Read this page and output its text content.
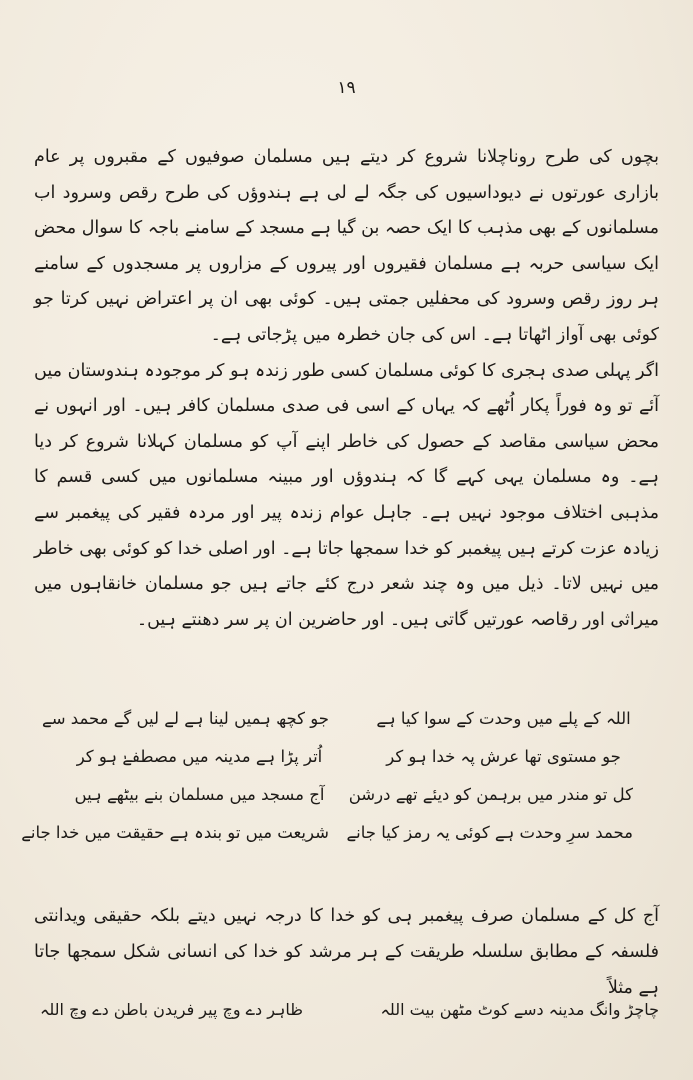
۱۹

بچوں کی طرح روناچلانا شروع کر دیتے ہیں مسلمان صوفیوں کے مقبروں پر عام بازاری عورتوں نے دیوداسیوں کی جگہ لے لی ہے ہندوؤں کی طرح رقص وسرود اب مسلمانوں کے بھی مذہب کا ایک حصہ بن گیا ہے مسجد کے سامنے باجہ کا سوال محض ایک سیاسی حربہ ہے مسلمان فقیروں اور پیروں کے مزاروں پر مسجدوں کے سامنے ہر روز رقص وسرود کی محفلیں جمتی ہیں۔ کوئی بھی ان پر اعتراض نہیں کرتا جو کوئی بھی آواز اٹھاتا ہے۔ اس کی جان خطرہ میں پڑجاتی ہے۔

اگر پہلی صدی ہجری کا کوئی مسلمان کسی طور زندہ ہو کر موجودہ ہندوستان میں آئے تو وہ فوراً پکار اُٹھے کہ یہاں کے اسی فی صدی مسلمان کافر ہیں۔ اور انہوں نے محض سیاسی مقاصد کے حصول کی خاطر اپنے آپ کو مسلمان کہلانا شروع کر دیا ہے۔ وہ مسلمان یہی کہے گا کہ ہندوؤں اور مبینہ مسلمانوں میں کسی قسم کا مذہبی اختلاف موجود نہیں ہے۔ جاہل عوام زندہ پیر اور مردہ فقیر کی پیغمبر سے زیادہ عزت کرتے ہیں پیغمبر کو خدا سمجھا جاتا ہے۔ اور اصلی خدا کو کوئی بھی خاطر میں نہیں لاتا۔ ذیل میں وہ چند شعر درج کئے جاتے ہیں جو مسلمان خانقاہوں میں میراثی اور رقاصہ عورتیں گاتی ہیں۔ اور حاضرین ان پر سر دھنتے ہیں۔

اللہ کے پلے میں وحدت کے سوا کیا ہے
جو کچھ ہمیں لینا ہے لے لیں گے محمد سے
جو مستوی تھا عرش پہ خدا ہو کر
اُتر پڑا ہے مدینہ میں مصطفےٰ ہو کر
کل تو مندر میں برہمن کو دیئے تھے درشن
آج مسجد میں مسلمان بنے بیٹھے ہیں
محمد سرِ وحدت ہے کوئی یہ رمز کیا جانے
شریعت میں تو بندہ ہے حقیقت میں خدا جانے

آج کل کے مسلمان صرف پیغمبر ہی کو خدا کا درجہ نہیں دیتے بلکہ حقیقی ویدانتی فلسفہ کے مطابق سلسلہ طریقت کے ہر مرشد کو خدا کی انسانی شکل سمجھا جاتا ہے مثلاً

چاچڑ وانگ مدینہ دسے کوٹ مٹھن بیت اللہ
ظاہر دے وچ پیر فریدن باطن دے وچ اللہ
